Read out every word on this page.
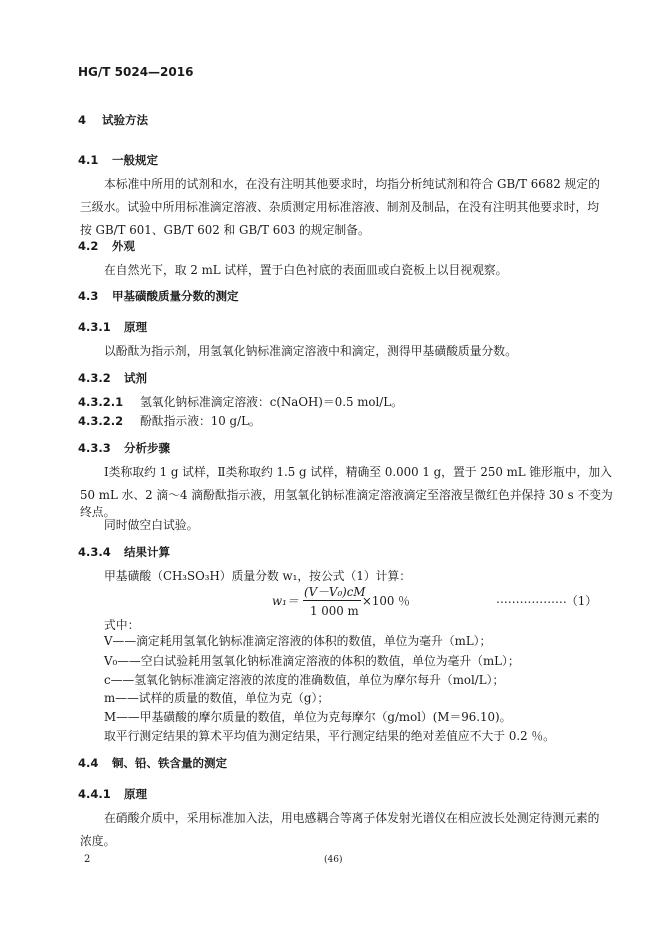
HG/T 5024—2016
4 试验方法
4.1 一般规定
本标准中所用的试剂和水，在没有注明其他要求时，均指分析纯试剂和符合 GB/T 6682 规定的
三级水。试验中所用标准滴定溶液、杂质测定用标准溶液、制剂及制品，在没有注明其他要求时，均
按 GB/T 601、GB/T 602 和 GB/T 603 的规定制备。
4.2 外观
在自然光下，取 2 mL 试样，置于白色衬底的表面皿或白瓷板上以目视观察。
4.3 甲基磺酸质量分数的测定
4.3.1 原理
以酚酞为指示剂，用氢氧化钠标准滴定溶液中和滴定，测得甲基磺酸质量分数。
4.3.2 试剂
4.3.2.1 氢氧化钠标准滴定溶液：c(NaOH)＝0.5 mol/L。
4.3.2.2 酚酞指示液：10 g/L。
4.3.3 分析步骤
Ⅰ类称取约 1 g 试样，Ⅱ类称取约 1.5 g 试样，精确至 0.000 1 g，置于 250 mL 锥形瓶中，加入
50 mL 水、2 滴～4 滴酚酞指示液，用氢氧化钠标准滴定溶液滴定至溶液呈微红色并保持 30 s 不变为
终点。
同时做空白试验。
4.3.4 结果计算
甲基磺酸（CH₃SO₃H）质量分数 w₁，按公式（1）计算：
w₁＝
(V－V₀)cM
1 000 m
×100 ％	……………… （1）
式中：
V——滴定耗用氢氧化钠标准滴定溶液的体积的数值，单位为毫升（mL）；
V₀——空白试验耗用氢氧化钠标准滴定溶液的体积的数值，单位为毫升（mL）；
c——氢氧化钠标准滴定溶液的浓度的准确数值，单位为摩尔每升（mol/L）；
m——试样的质量的数值，单位为克（g）；
M——甲基磺酸的摩尔质量的数值，单位为克每摩尔（g/mol）(M＝96.10)。
取平行测定结果的算术平均值为测定结果，平行测定结果的绝对差值应不大于 0.2 ％。
4.4 铜、铅、铁含量的测定
4.4.1 原理
在硝酸介质中，采用标准加入法，用电感耦合等离子体发射光谱仪在相应波长处测定待测元素的
浓度。
2	(46)
